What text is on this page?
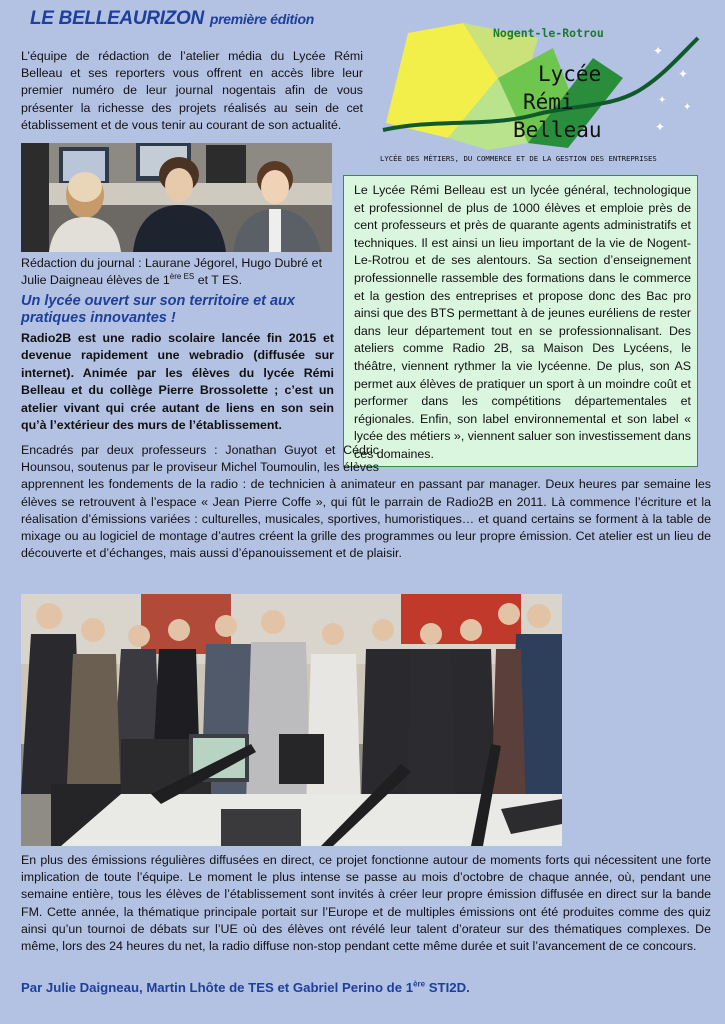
LE BELLEAURIZON première édition
L’équipe de rédaction de l’atelier média du Lycée Rémi Belleau et ses reporters vous offrent en accès libre leur premier numéro de leur journal nogentais afin de vous présenter la richesse des projets réalisés au sein de cet établissement et de vous tenir au courant de son actualité.
✦
✦
✦
✦
✦
Nogent-le-Rotrou
Lycée
Rémi
Belleau
LYCÉE DES MÉTIERS, DU COMMERCE ET DE LA GESTION DES ENTREPRISES
Rédaction du journal : Laurane Jégorel, Hugo Dubré et Julie Daigneau élèves de $1^{ère ES}$ et T ES.
Un lycée ouvert sur son territoire et aux pratiques innovantes !
Radio2B est une radio scolaire lancée fin 2015 et devenue rapidement une webradio (diffusée sur internet). Animée par les élèves du lycée Rémi Belleau et du collège Pierre Brossolette ; c’est un atelier vivant qui crée autant de liens en son sein qu’à l’extérieur des murs de l’établissement.
Le Lycée Rémi Belleau est un lycée général, technologique et professionnel de plus de 1000 élèves et emploie près de cent professeurs et près de quarante agents administratifs et techniques. Il est ainsi un lieu important de la vie de Nogent-Le-Rotrou et de ses alentours. Sa section d’enseignement professionnelle rassemble des formations dans le commerce et la gestion des entreprises et propose donc des Bac pro ainsi que des BTS permettant à de jeunes euréliens de rester dans leur département tout en se professionnalisant. Des ateliers comme Radio 2B, sa Maison Des Lycéens, le théâtre, viennent rythmer la vie lycéenne. De plus, son AS permet aux élèves de pratiquer un sport à un moindre coût et performer dans les compétitions départementales et régionales. Enfin, son label environnemental et son label « lycée des métiers », viennent saluer son investissement dans ces domaines.
Encadrés par deux professeurs : Jonathan Guyot et Cédric Hounsou, soutenus par le proviseur Michel Toumoulin, les élèves apprennent les fondements de la radio : de technicien à animateur en passant par manager. Deux heures par semaine les élèves se retrouvent à l’espace « Jean Pierre Coffe », qui fût le parrain de Radio2B en 2011. Là commence l’écriture et la réalisation d’émissions variées : culturelles, musicales, sportives, humoristiques… et quand certains se forment à la table de mixage ou au logiciel de montage d’autres créent la grille des programmes ou leur propre émission. Cet atelier est un lieu de découverte et d’échanges, mais aussi d’épanouissement et de plaisir.
En plus des émissions régulières diffusées en direct, ce projet fonctionne autour de moments forts qui nécessitent une forte implication de toute l’équipe. Le moment le plus intense se passe au mois d’octobre de chaque année, où, pendant une semaine entière, tous les élèves de l’établissement sont invités à créer leur propre émission diffusée en direct sur la bande FM. Cette année, la thématique principale portait sur l’Europe et de multiples émissions ont été produites comme des quiz ainsi qu’un tournoi de débats sur l’UE où des élèves ont révélé leur talent d’orateur sur des thématiques complexes. De même, lors des 24 heures du net, la radio diffuse non-stop pendant cette même durée et suit l’avancement de ce concours.
Par Julie Daigneau, Martin Lhôte de TES et Gabriel Perino de 1ère STI2D.
